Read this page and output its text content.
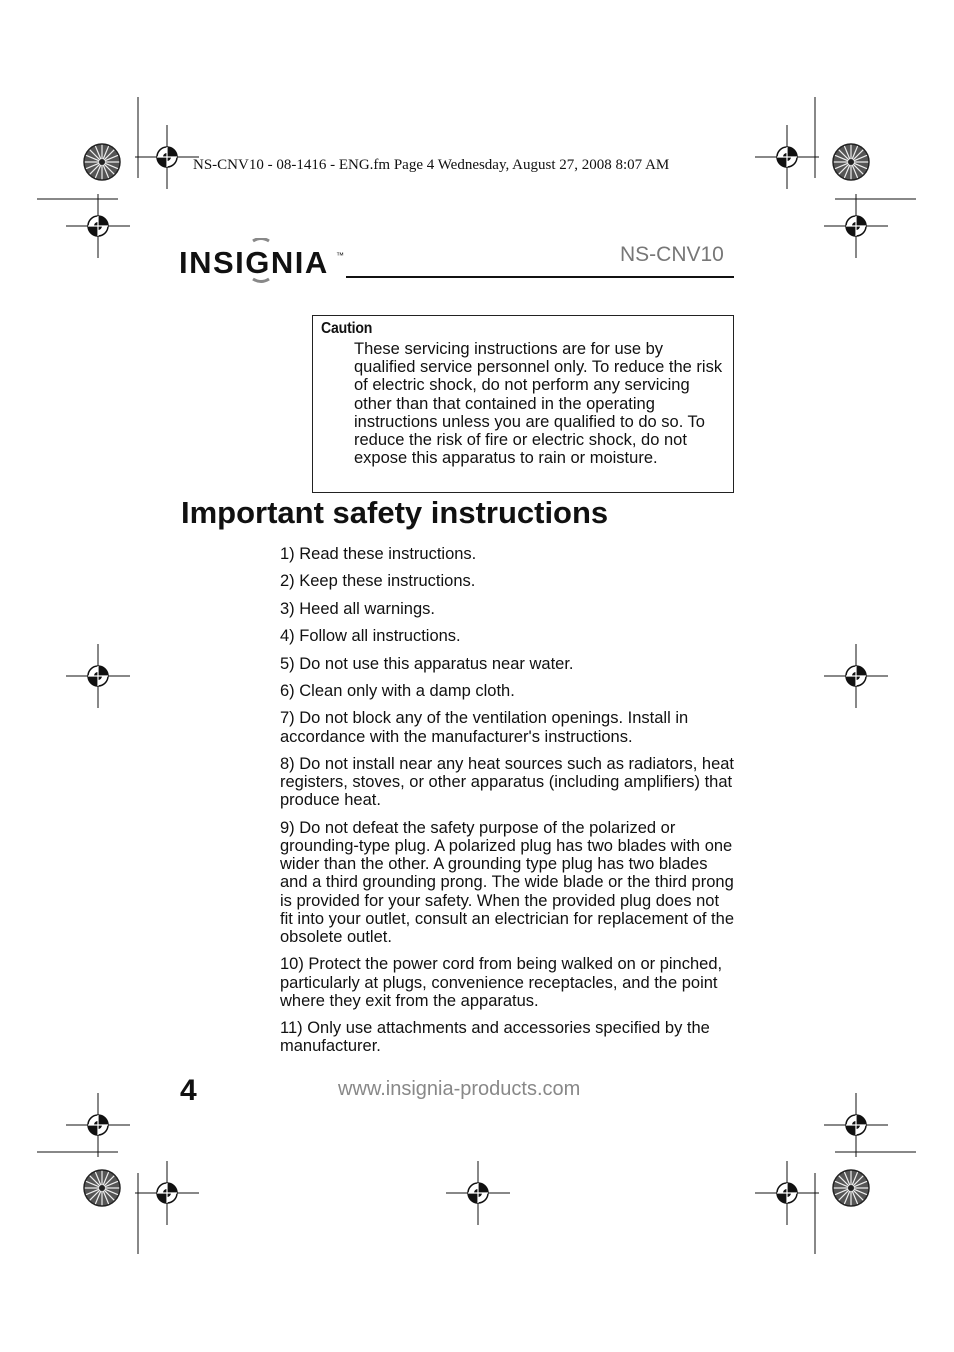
NS-CNV10 - 08-1416 - ENG.fm Page 4 Wednesday, August 27, 2008 8:07 AM
INSIGNIA ™	NS-CNV10
Caution
These servicing instructions are for use by qualified service personnel only. To reduce the risk of electric shock, do not perform any servicing other than that contained in the operating instructions unless you are qualified to do so. To reduce the risk of fire or electric shock, do not expose this apparatus to rain or moisture.
Important safety instructions
1) Read these instructions.
2) Keep these instructions.
3) Heed all warnings.
4) Follow all instructions.
5) Do not use this apparatus near water.
6) Clean only with a damp cloth.
7) Do not block any of the ventilation openings. Install in accordance with the manufacturer's instructions.
8) Do not install near any heat sources such as radiators, heat registers, stoves, or other apparatus (including amplifiers) that produce heat.
9) Do not defeat the safety purpose of the polarized or grounding-type plug. A polarized plug has two blades with one wider than the other. A grounding type plug has two blades and a third grounding prong. The wide blade or the third prong is provided for your safety. When the provided plug does not fit into your outlet, consult an electrician for replacement of the obsolete outlet.
10) Protect the power cord from being walked on or pinched, particularly at plugs, convenience receptacles, and the point where they exit from the apparatus.
11) Only use attachments and accessories specified by the manufacturer.
4	www.insignia-products.com
